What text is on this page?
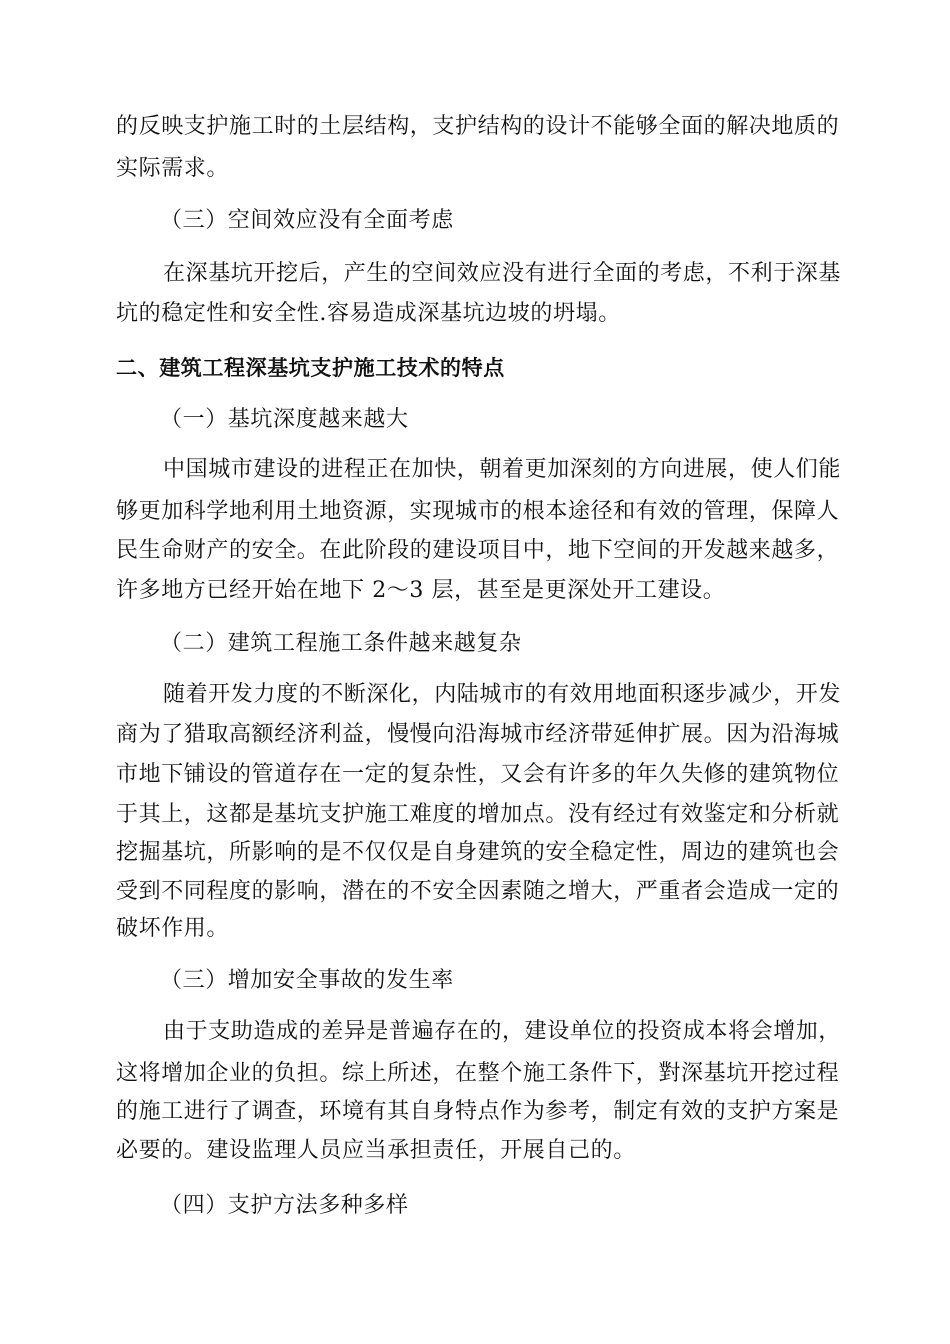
的反映支护施工时的土层结构，支护结构的设计不能够全面的解决地质的
实际需求。
（三）空间效应没有全面考虑
在深基坑开挖后，产生的空间效应没有进行全面的考虑，不利于深基
坑的稳定性和安全性.容易造成深基坑边坡的坍塌。
二、建筑工程深基坑支护施工技术的特点
（一）基坑深度越来越大
中国城市建设的进程正在加快，朝着更加深刻的方向进展，使人们能
够更加科学地利用土地资源，实现城市的根本途径和有效的管理，保障人
民生命财产的安全。在此阶段的建设项目中，地下空间的开发越来越多，
许多地方已经开始在地下 2～3 层，甚至是更深处开工建设。
（二）建筑工程施工条件越来越复杂
随着开发力度的不断深化，内陆城市的有效用地面积逐步减少，开发
商为了猎取高额经济利益，慢慢向沿海城市经济带延伸扩展。因为沿海城
市地下铺设的管道存在一定的复杂性，又会有许多的年久失修的建筑物位
于其上，这都是基坑支护施工难度的增加点。没有经过有效鉴定和分析就
挖掘基坑，所影响的是不仅仅是自身建筑的安全稳定性，周边的建筑也会
受到不同程度的影响，潜在的不安全因素随之增大，严重者会造成一定的
破坏作用。
（三）增加安全事故的发生率
由于支助造成的差异是普遍存在的，建设单位的投资成本将会增加，
这将增加企业的负担。综上所述，在整个施工条件下，對深基坑开挖过程
的施工进行了调查，环境有其自身特点作为参考，制定有效的支护方案是
必要的。建设监理人员应当承担责任，开展自己的。
（四）支护方法多种多样
